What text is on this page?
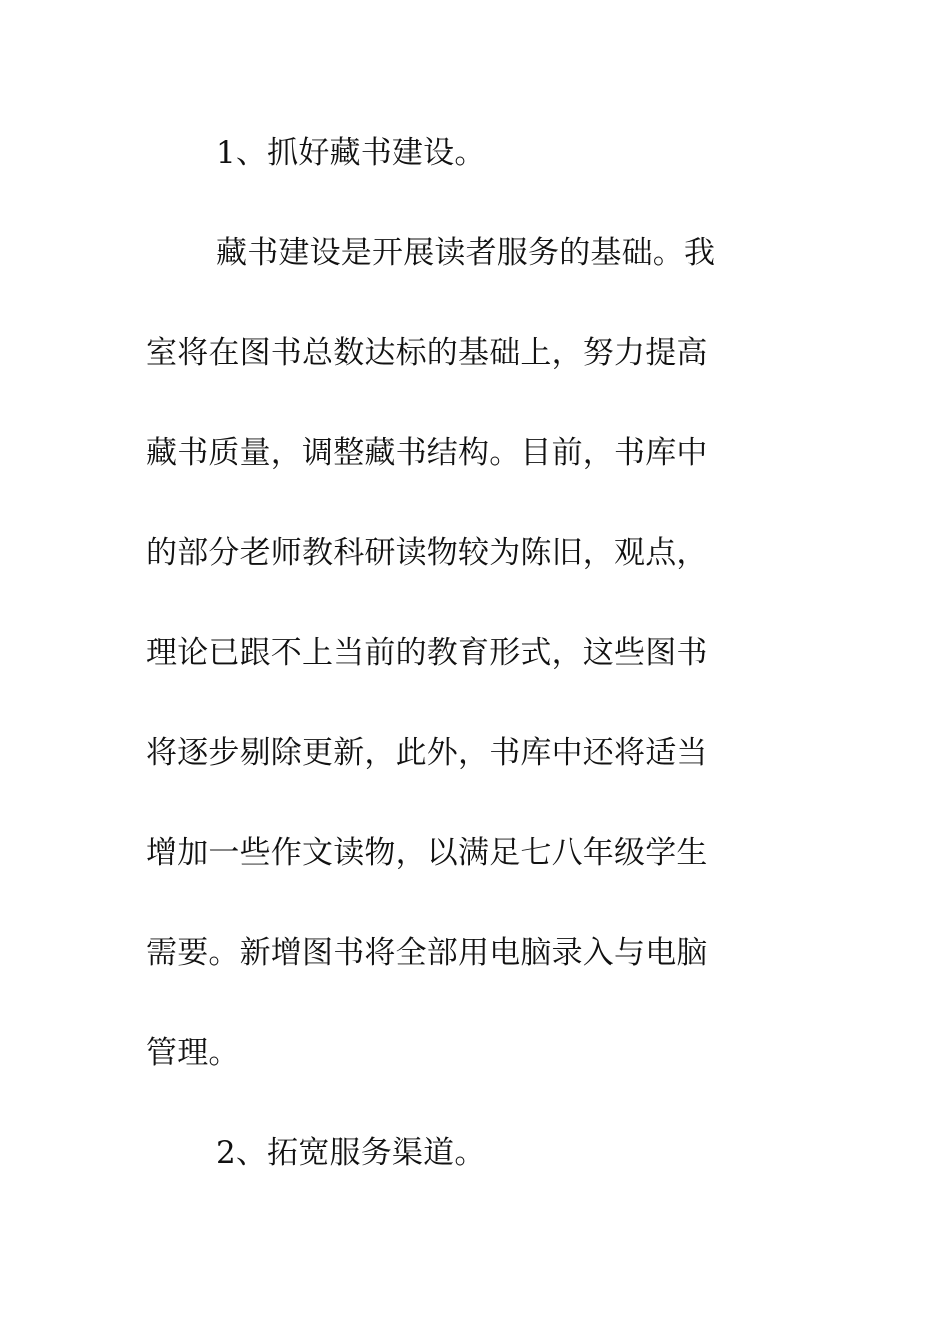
1、抓好藏书建设。
藏书建设是开展读者服务的基础。我
室将在图书总数达标的基础上，努力提高
藏书质量，调整藏书结构。目前，书库中
的部分老师教科研读物较为陈旧，观点，
理论已跟不上当前的教育形式，这些图书
将逐步剔除更新，此外，书库中还将适当
增加一些作文读物，以满足七八年级学生
需要。新增图书将全部用电脑录入与电脑
管理。
2、拓宽服务渠道。
